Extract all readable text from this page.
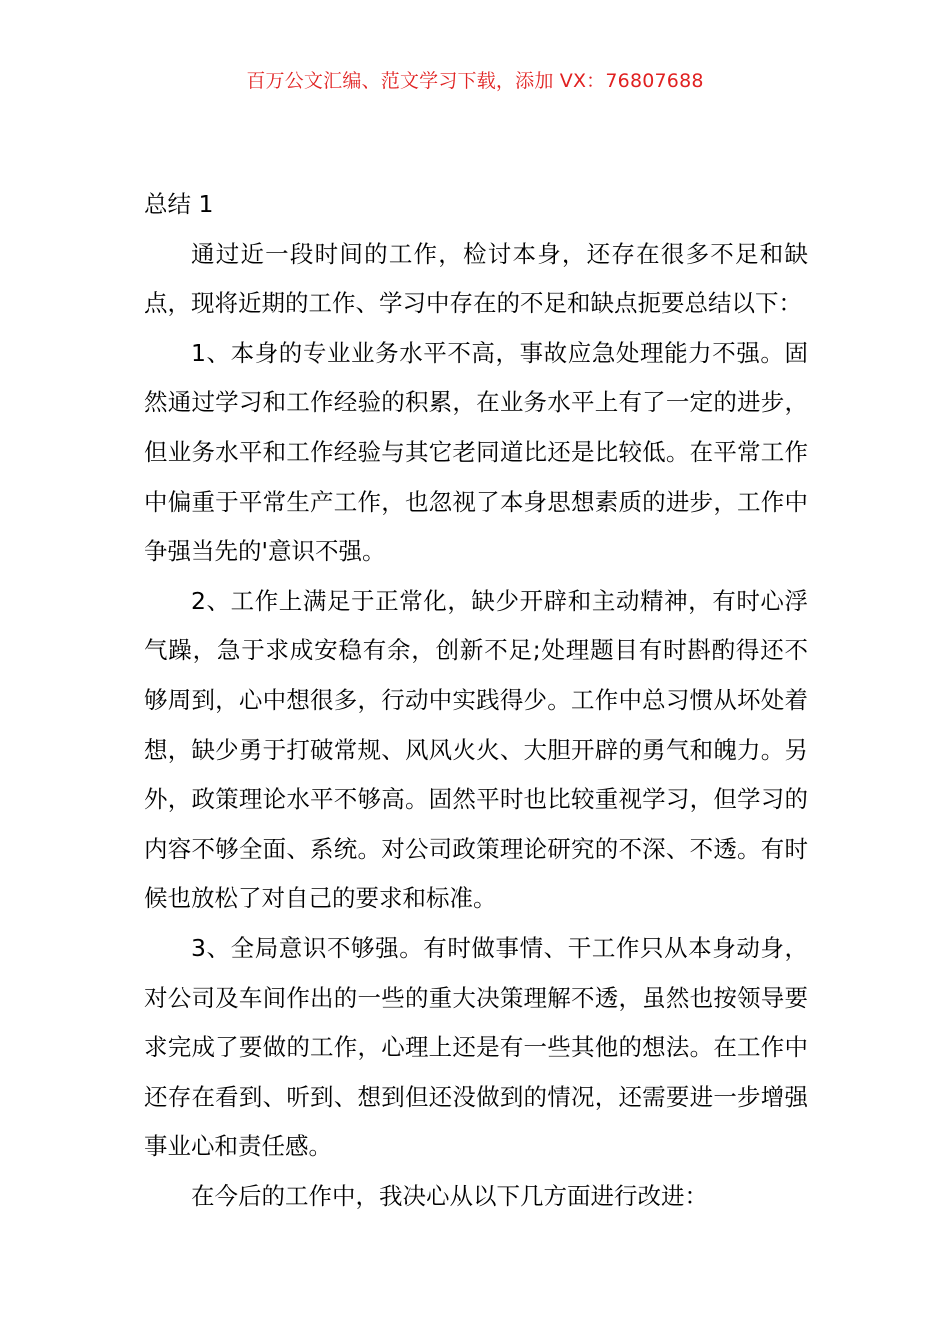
百万公文汇编、范文学习下载，添加 VX：76807688
总结 1

通过近一段时间的工作，检讨本身，还存在很多不足和缺点，现将近期的工作、学习中存在的不足和缺点扼要总结以下：

1、本身的专业业务水平不高，事故应急处理能力不强。固然通过学习和工作经验的积累，在业务水平上有了一定的进步，但业务水平和工作经验与其它老同道比还是比较低。在平常工作中偏重于平常生产工作，也忽视了本身思想素质的进步，工作中争强当先的'意识不强。

2、工作上满足于正常化，缺少开辟和主动精神，有时心浮气躁，急于求成安稳有余，创新不足;处理题目有时斟酌得还不够周到，心中想很多，行动中实践得少。工作中总习惯从坏处着想，缺少勇于打破常规、风风火火、大胆开辟的勇气和魄力。另外，政策理论水平不够高。固然平时也比较重视学习，但学习的内容不够全面、系统。对公司政策理论研究的不深、不透。有时候也放松了对自己的要求和标准。

3、全局意识不够强。有时做事情、干工作只从本身动身，对公司及车间作出的一些的重大决策理解不透，虽然也按领导要求完成了要做的工作，心理上还是有一些其他的想法。在工作中还存在看到、听到、想到但还没做到的情况，还需要进一步增强事业心和责任感。

在今后的工作中，我决心从以下几方面进行改进：
